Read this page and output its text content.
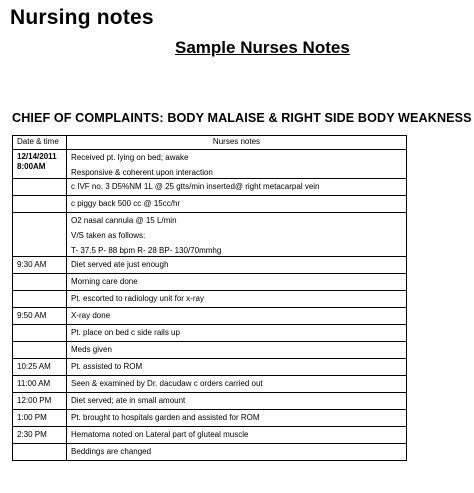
Nursing notes
Sample Nurses Notes
CHIEF OF COMPLAINTS: BODY MALAISE & RIGHT SIDE BODY WEAKNESS
Date & time	Nurses notes

12/14/2011
8:00AM	Received pt. lying on bed; awake
Responsive & coherent upon interaction

	c IVF no. 3 D5%NM 1L @ 25 gtts/min inserted@ right metacarpal vein
	c piggy back 500 cc @ 15cc/hr

	O2 nasal cannula @ 15 L/min
V/S taken as follows:
T- 37.5 P- 88 bpm R- 28 BP- 130/70mmhg

9:30 AM	Diet served ate just enough
	Morning care done
	Pt. escorted to radiology unit for x-ray
9:50 AM	X-ray done
	Pt. place on bed c side rails up
	Meds given
10:25 AM	Pt. assisted to ROM
11:00 AM	Seen & examined by Dr. dacudaw c orders carried out
12:00 PM	Diet served; ate in small amount
1:00 PM	Pt. brought to hospitals garden and assisted for ROM
2:30 PM	Hematoma noted on Lateral part of gluteal muscle
	Beddings are changed
